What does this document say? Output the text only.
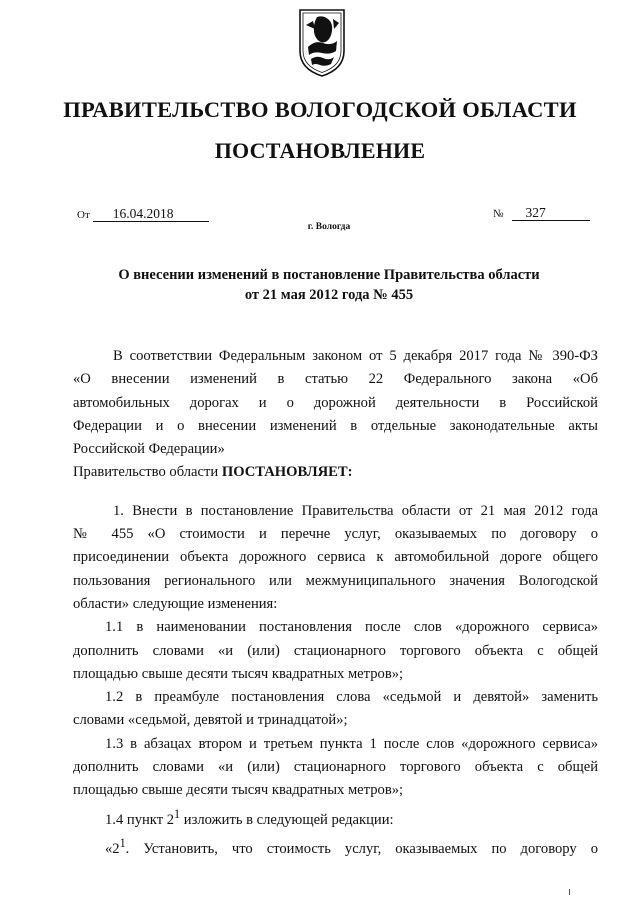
ПРАВИТЕЛЬСТВО ВОЛОГОДСКОЙ ОБЛАСТИ
ПОСТАНОВЛЕНИЕ
От 16.04.2018	№ 327
г. Вологда
О внесении изменений в постановление Правительства области
от 21 мая 2012 года № 455
В соответствии Федеральным законом от 5 декабря 2017 года № 390-ФЗ
«О внесении изменений в статью 22 Федерального закона «Об
автомобильных дорогах и о дорожной деятельности в Российской
Федерации и о внесении изменений в отдельные законодательные акты
Российской Федерации»
Правительство области ПОСТАНОВЛЯЕТ:
1. Внести в постановление Правительства области от 21 мая 2012 года
№ 455 «О стоимости и перечне услуг, оказываемых по договору о
присоединении объекта дорожного сервиса к автомобильной дороге общего
пользования регионального или межмуниципального значения Вологодской
области» следующие изменения:
1.1 в наименовании постановления после слов «дорожного сервиса»
дополнить словами «и (или) стационарного торгового объекта с общей
площадью свыше десяти тысяч квадратных метров»;
1.2 в преамбуле постановления слова «седьмой и девятой» заменить
словами «седьмой, девятой и тринадцатой»;
1.3 в абзацах втором и третьем пункта 1 после слов «дорожного сервиса»
дополнить словами «и (или) стационарного торгового объекта с общей
площадью свыше десяти тысяч квадратных метров»;
1.4 пункт $2^1$ изложить в следующей редакции:
«$2^1$. Установить, что стоимость услуг, оказываемых по договору о
